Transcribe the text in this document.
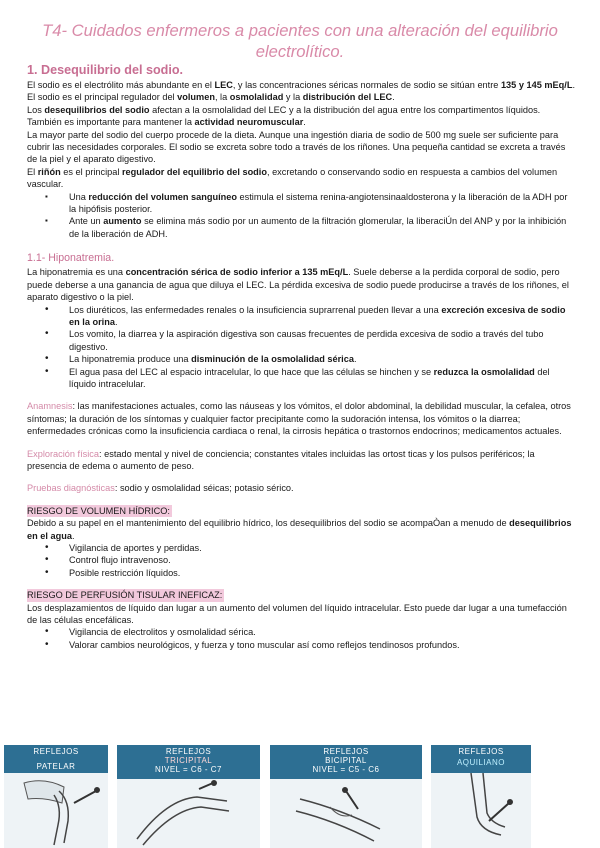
T4- Cuidados enfermeros a pacientes con una alteración del equilibrio electrolítico.
1. Desequilibrio del sodio.

El sodio es el electrólito más abundante en el LEC, y las concentraciones séricas normales de sodio se sitúan entre 135 y 145 mEq/L.

El sodio es el principal regulador del volumen, la osmolalidad y la distribución del LEC.

Los desequilibrios del sodio afectan a la osmolalidad del LEC y a la distribución del agua entre los compartimentos líquidos. También es importante para mantener la actividad neuromuscular.

La mayor parte del sodio del cuerpo procede de la dieta. Aunque una ingestión diaria de sodio de 500 mg suele ser suficiente para cubrir las necesidades corporales. El sodio se excreta sobre todo a través de los riñones. Una pequeña cantidad se excreta a través de la piel y el aparato digestivo.

El riñón es el principal regulador del equilibrio del sodio, excretando o conservando sodio en respuesta a cambios del volumen vascular.

▪ Una reducción del volumen sanguíneo estimula el sistema renina-angiotensinaaldosterona y la liberación de la ADH por la hipófisis posterior.
▪ Ante un aumento se elimina más sodio por un aumento de la filtración glomerular, la liberaciÚn del ANP y por la inhibición de la liberación de ADH.
1.1- Hiponatremia.

La hiponatremia es una concentración sérica de sodio inferior a 135 mEq/L. Suele deberse a la perdida corporal de sodio, pero puede deberse a una ganancia de agua que diluya el LEC. La pérdida excesiva de sodio puede producirse a través de los riñones, el aparato digestivo o la piel.

• Los diuréticos, las enfermedades renales o la insuficiencia suprarrenal pueden llevar a una excreción excesiva de sodio en la orina.
• Los vomito, la diarrea y la aspiración digestiva son causas frecuentes de perdida excesiva de sodio a través del tubo digestivo.
• La hiponatremia produce una disminución de la osmolalidad sérica.
• El agua pasa del LEC al espacio intracelular, lo que hace que las células se hinchen y se reduzca la osmolalidad del líquido intracelular.

Anamnesis: las manifestaciones actuales, como las náuseas y los vómitos, el dolor abdominal, la debilidad muscular, la cefalea, otros síntomas; la duración de los síntomas y cualquier factor precipitante como la sudoración intensa, los vómitos o la diarrea; enfermedades crónicas como la insuficiencia cardiaca o renal, la cirrosis hepática o trastornos endocrinos; medicamentos actuales.

Exploración física: estado mental y nivel de conciencia; constantes vitales incluidas las ortost ticas y los pulsos periféricos; la presencia de edema o aumento de peso.

Pruebas diagnósticas: sodio y osmolalidad séicas; potasio sérico.

RIESGO DE VOLUMEN HÍDRICO:

Debido a su papel en el mantenimiento del equilibrio hídrico, los desequilibrios del sodio se acompaÒan a menudo de desequilibrios en el agua.

• Vigilancia de aportes y perdidas.
• Control flujo intravenoso.
• Posible restricción líquidos.
RIESGO DE PERFUSIÓN TISULAR INEFICAZ:

Los desplazamientos de líquido dan lugar a un aumento del volumen del líquido intracelular. Esto puede dar lugar a una tumefacción de las células encefálicas.

• Vigilancia de electrolitos y osmolalidad sérica.
• Valorar cambios neurológicos, y fuerza y tono muscular así como reflejos tendinosos profundos.
REFLEJOS
PATELAR
REFLEJOS
TRICIPITAL
NIVEL = C6 - C7
REFLEJOS
BICIPITAL
NIVEL = C5 - C6
REFLEJOS
AQUILIANO
